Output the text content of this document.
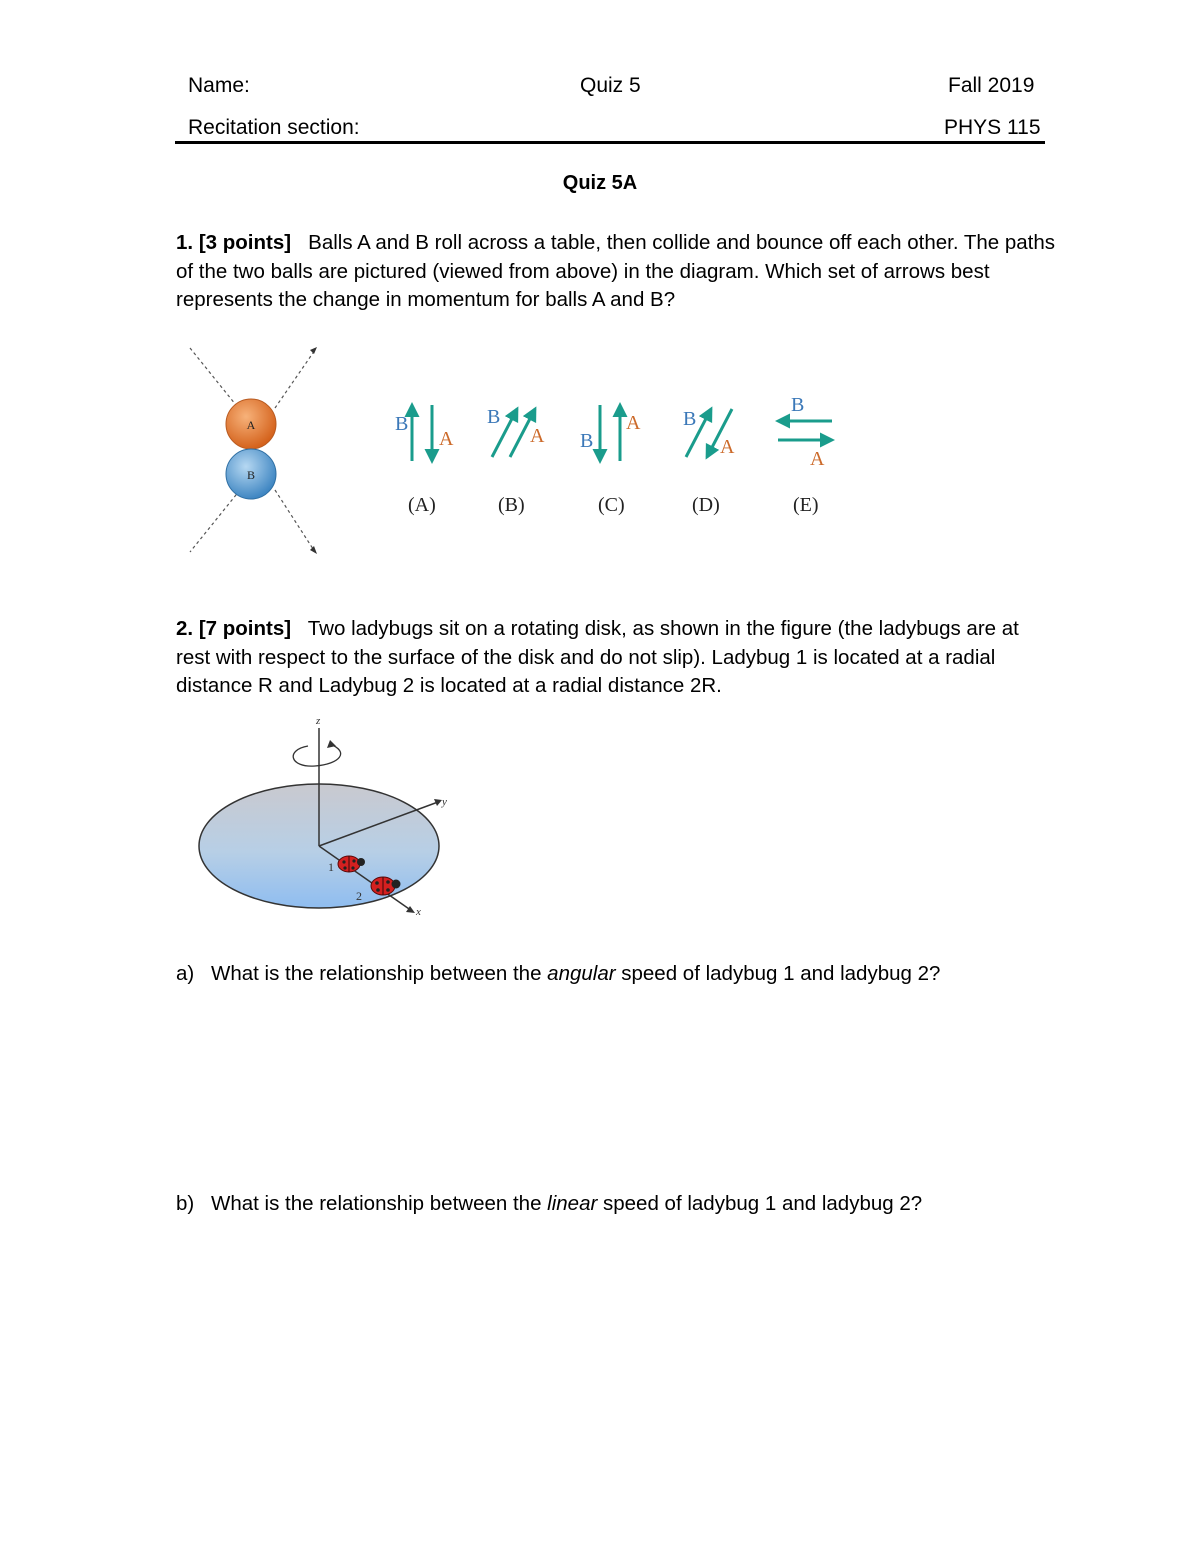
Name:	Quiz 5	Fall 2019
Recitation section:	PHYS 115
Quiz 5A
1. [3 points] Balls A and B roll across a table, then collide and bounce off each other. The paths of the two balls are pictured (viewed from above) in the diagram. Which set of arrows best represents the change in momentum for balls A and B?
A
B
B
A
B
A B
A B
A
B
A
(A)	(B)	(C)	(D)	(E)
2. [7 points] Two ladybugs sit on a rotating disk, as shown in the figure (the ladybugs are at rest with respect to the surface of the disk and do not slip). Ladybug 1 is located at a radial distance R and Ladybug 2 is located at a radial distance 2R.
z
y
x
1
2
a) What is the relationship between the angular speed of ladybug 1 and ladybug 2?
b) What is the relationship between the linear speed of ladybug 1 and ladybug 2?
